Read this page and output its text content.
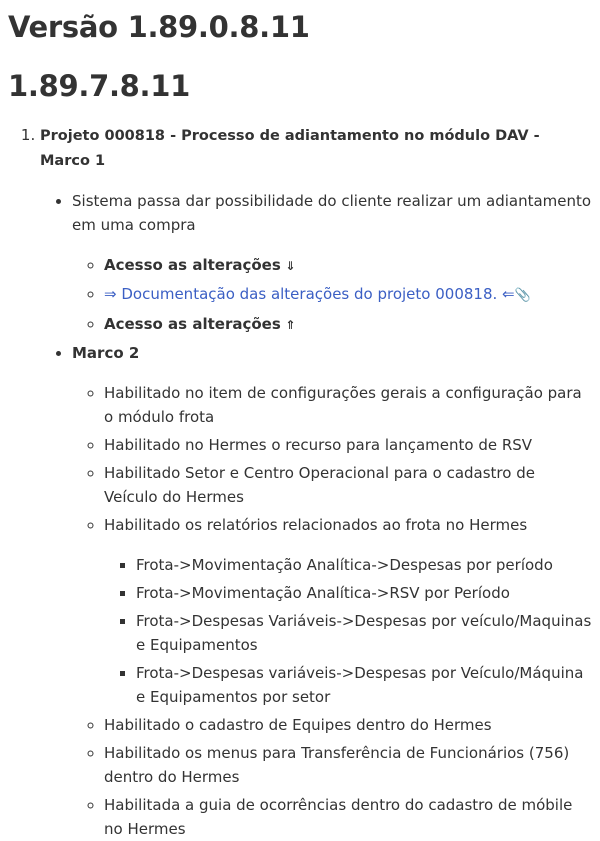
Versão 1.89.0.8.11
1.89.7.8.11
1. Projeto 000818 - Processo de adiantamento no módulo DAV - Marco 1
• Sistema passa dar possibilidade do cliente realizar um adiantamento em uma compra
◦ Acesso as alterações ⇓
◦ ⇒ Documentação das alterações do projeto 000818. ⇐📎
◦ Acesso as alterações ⇑
• Marco 2
◦ Habilitado no item de configurações gerais a configuração para o módulo frota
◦ Habilitado no Hermes o recurso para lançamento de RSV
◦ Habilitado Setor e Centro Operacional para o cadastro de Veículo do Hermes
◦ Habilitado os relatórios relacionados ao frota no Hermes
▪ Frota->Movimentação Analítica->Despesas por período
▪ Frota->Movimentação Analítica->RSV por Período
▪ Frota->Despesas Variáveis->Despesas por veículo/Maquinas e Equipamentos
▪ Frota->Despesas variáveis->Despesas por Veículo/Máquina e Equipamentos por setor
◦ Habilitado o cadastro de Equipes dentro do Hermes
◦ Habilitado os menus para Transferência de Funcionários (756) dentro do Hermes
◦ Habilitada a guia de ocorrências dentro do cadastro de móbile no Hermes
